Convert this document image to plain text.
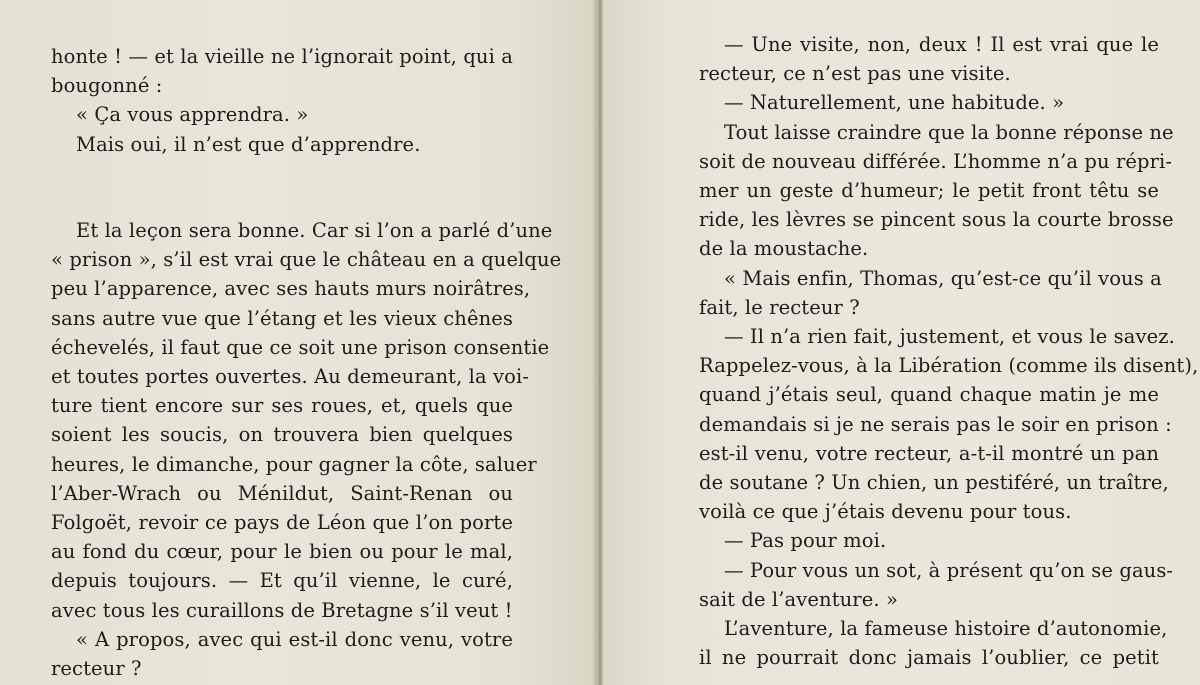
honte ! — et la vieille ne l’ignorait point, qui a
bougonné :
« Ça vous apprendra. »
Mais oui, il n’est que d’apprendre.
Et la leçon sera bonne. Car si l’on a parlé d’une
« prison », s’il est vrai que le château en a quelque
peu l’apparence, avec ses hauts murs noirâtres,
sans autre vue que l’étang et les vieux chênes
échevelés, il faut que ce soit une prison consentie
et toutes portes ouvertes. Au demeurant, la voi-
ture tient encore sur ses roues, et, quels que
soient les soucis, on trouvera bien quelques
heures, le dimanche, pour gagner la côte, saluer
l’Aber-Wrach ou Ménildut, Saint-Renan ou
Folgoët, revoir ce pays de Léon que l’on porte
au fond du cœur, pour le bien ou pour le mal,
depuis toujours. — Et qu’il vienne, le curé,
avec tous les curaillons de Bretagne s’il veut !
« A propos, avec qui est-il donc venu, votre
recteur ?
— Une visite, non, deux ! Il est vrai que le
recteur, ce n’est pas une visite.
— Naturellement, une habitude. »
Tout laisse craindre que la bonne réponse ne
soit de nouveau différée. L’homme n’a pu répri-
mer un geste d’humeur; le petit front têtu se
ride, les lèvres se pincent sous la courte brosse
de la moustache.
« Mais enfin, Thomas, qu’est-ce qu’il vous a
fait, le recteur ?
— Il n’a rien fait, justement, et vous le savez.
Rappelez-vous, à la Libération (comme ils disent),
quand j’étais seul, quand chaque matin je me
demandais si je ne serais pas le soir en prison :
est-il venu, votre recteur, a-t-il montré un pan
de soutane ? Un chien, un pestiféré, un traître,
voilà ce que j’étais devenu pour tous.
— Pas pour moi.
— Pour vous un sot, à présent qu’on se gaus-
sait de l’aventure. »
L’aventure, la fameuse histoire d’autonomie,
il ne pourrait donc jamais l’oublier, ce petit
